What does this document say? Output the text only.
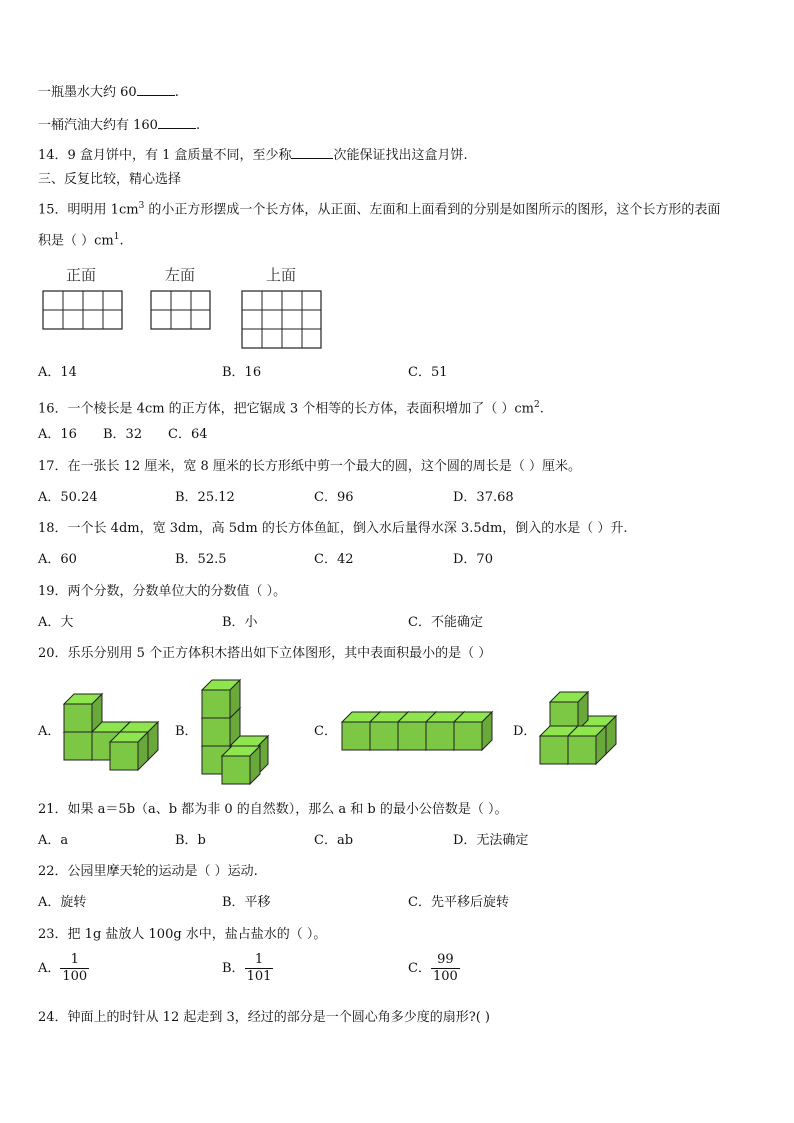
一瓶墨水大约 60	.
一桶汽油大约有 160	.
14．9 盒月饼中，有 1 盒质量不同，至少称	次能保证找出这盒月饼.
三、反复比较，精心选择
15．明明用 $1cm^3$ 的小正方形摆成一个长方体，从正面、左面和上面看到的分别是如图所示的图形，这个长方形的表面
积是（ ）$cm^1$.
正面	左面	上面
A．14	B．16	C．51
16．一个棱长是 4cm 的正方体，把它锯成 3 个相等的长方体，表面积增加了（ ）$cm^2$.
A．16 B．32 C．64
17．在一张长 12 厘米，宽 8 厘米的长方形纸中剪一个最大的圆，这个圆的周长是（ ）厘米。
A．50.24	B．25.12	C．96	D．37.68
18．一个长 4dm，宽 3dm，高 5dm 的长方体鱼缸，倒入水后量得水深 3.5dm，倒入的水是（ ）升.
A．60	B．52.5	C．42	D．70
19．两个分数，分数单位大的分数值（ ）。
A．大	B．小	C．不能确定
20．乐乐分别用 5 个正方体积木搭出如下立体图形，其中表面积最小的是（ ）
A．	B．	C．	D．
21．如果 a＝5b（a、b 都为非 0 的自然数），那么 a 和 b 的最小公倍数是（ ）。
A．a	B．b	C．ab	D．无法确定
22．公园里摩天轮的运动是（ ）运动.
A．旋转	B．平移	C．先平移后旋转
23．把 1g 盐放人 100g 水中，盐占盐水的（ ）。
A． $\frac{1}{100}$	B． $\frac{1}{101}$	C． $\frac{99}{100}$
24．钟面上的时针从 12 起走到 3，经过的部分是一个圆心角多少度的扇形?( )
